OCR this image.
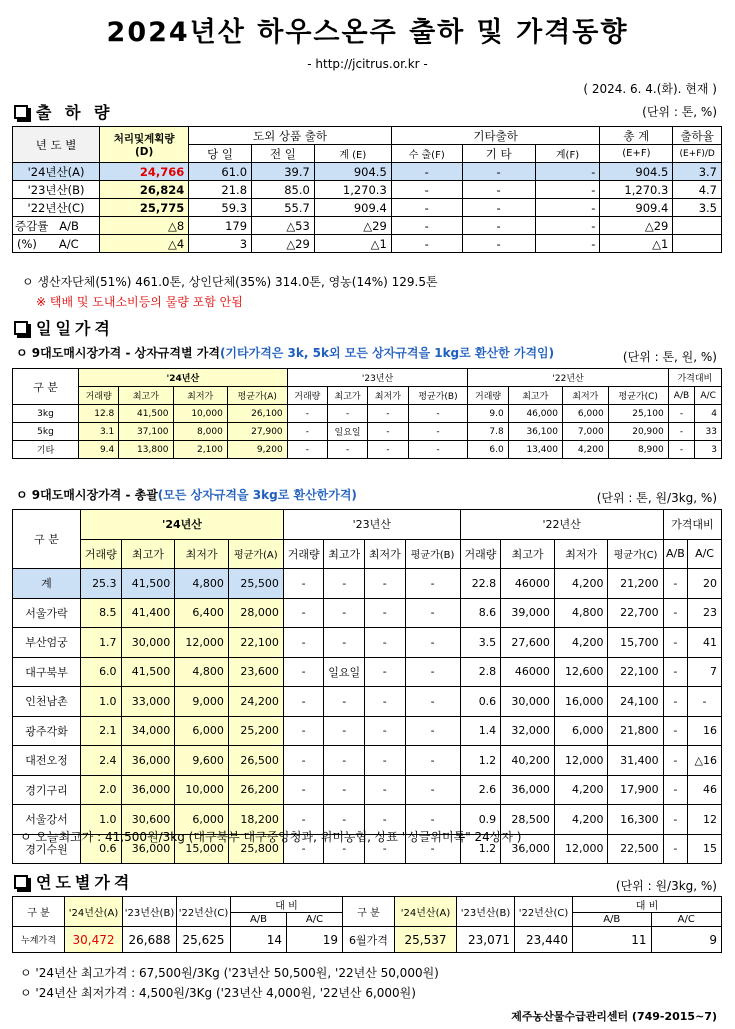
2024년산 하우스온주 출하 및 가격동향
- http://jcitrus.or.kr -
( 2024. 6. 4.(화). 현재 )
출 하 량	(단위 : 톤, %)
년 도 별	처리및계획량
(D)	도외 상품 출하			기타출하			총 계	출하율
		당 일	전 일	계 (E)	수 출(F)	기 타	계(F)	(E+F)	(E+F)/D
'24년산(A)	24,766	61.0	39.7	904.5	-	-	-	904.5	3.7
'23년산(B)	26,824	21.8	85.0	1,270.3	-	-	-	1,270.3	4.7
'22년산(C)	25,775	59.3	55.7	909.4	-	-	-	909.4	3.5
증감률 A/B	△8	179	△53	△29	-	-	-	△29	
(%) A/C	△4	3	△29	△1	-	-	-	△1	
ㅇ 생산자단체(51%) 461.0톤, 상인단체(35%) 314.0톤, 영농(14%) 129.5톤
※ 택배 및 도내소비등의 물량 포함 안됨
일일가격
ㅇ 9대도매시장가격 - 상자규격별 가격(기타가격은 3k, 5k외 모든 상자규격을 1kg로 환산한 가격임)	(단위 : 톤, 원, %)
구 분	'24년산				'23년산				'22년산				가격대비	
	거래량	최고가	최저가	평균가(A)	거래량	최고가	최저가	평균가(B)	거래량	최고가	최저가	평균가(C)	A/B	A/C
3kg	12.8	41,500	10,000	26,100	-	-	-	-	9.0	46,000	6,000	25,100	-	4
5kg	3.1	37,100	8,000	27,900	-	일요일	-	-	7.8	36,100	7,000	20,900	-	33
기타	9.4	13,800	2,100	9,200	-	-	-	-	6.0	13,400	4,200	8,900	-	3
ㅇ 9대도매시장가격 - 총괄(모든 상자규격을 3kg로 환산한가격)	(단위 : 톤, 원/3kg, %)
구 분	'24년산				'23년산				'22년산				가격대비	
	거래량	최고가	최저가	평균가(A)	거래량	최고가	최저가	평균가(B)	거래량	최고가	최저가	평균가(C)	A/B	A/C
계	25.3	41,500	4,800	25,500	-	-	-	-	22.8	46000	4,200	21,200	-	20
서울가락	8.5	41,400	6,400	28,000	-	-	-	-	8.6	39,000	4,800	22,700	-	23
부산엄궁	1.7	30,000	12,000	22,100	-	-	-	-	3.5	27,600	4,200	15,700	-	41
대구북부	6.0	41,500	4,800	23,600	-	일요일	-	-	2.8	46000	12,600	22,100	-	7
인천남촌	1.0	33,000	9,000	24,200	-	-	-	-	0.6	30,000	16,000	24,100	-	-
광주각화	2.1	34,000	6,000	25,200	-	-	-	-	1.4	32,000	6,000	21,800	-	16
대전오정	2.4	36,000	9,600	26,500	-	-	-	-	1.2	40,200	12,000	31,400	-	△16
경기구리	2.0	36,000	10,000	26,200	-	-	-	-	2.6	36,000	4,200	17,900	-	46
서울강서	1.0	30,600	6,000	18,200	-	-	-	-	0.9	28,500	4,200	16,300	-	12
경기수원	0.6	36,000	15,000	25,800	-	-	-	-	1.2	36,000	12,000	22,500	-	15
ㅇ 오늘최고가 : 41,500원/3kg (대구북부 대구중앙청과, 위미농협, 상표 "싱글위미톡" 24상자 )
연도별가격	(단위 : 원/3kg, %)
구 분	'24년산(A)	'23년산(B)	'22년산(C)	대 비		구 분	'24년산(A)	'23년산(B)	'22년산(C)	대 비	
				A/B	A/C					A/B	A/C
누계가격	30,472	26,688	25,625	14	19	6월가격	25,537	23,071	23,440	11	9
ㅇ '24년산 최고가격 : 67,500원/3Kg ('23년산 50,500원, '22년산 50,000원)
ㅇ '24년산 최저가격 : 4,500원/3Kg ('23년산 4,000원, '22년산 6,000원)
제주농산물수급관리센터 (749-2015~7)
